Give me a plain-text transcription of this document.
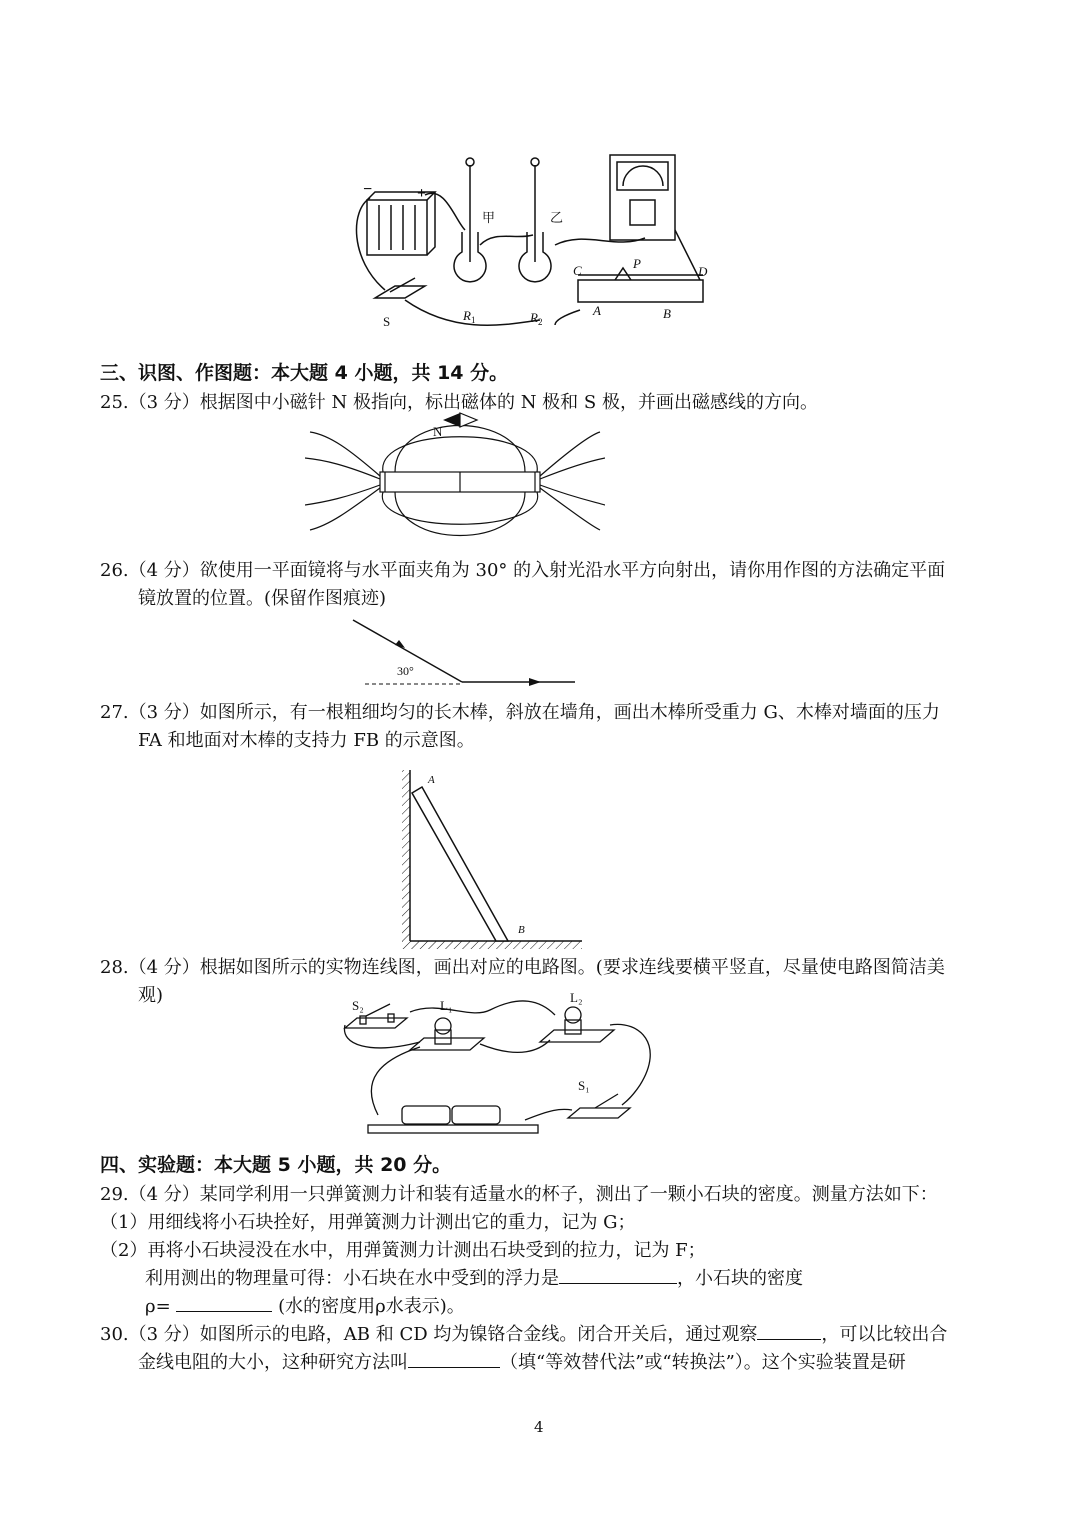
−	+
甲	乙
S	R 1	R 2
C	D
P
A	B
三、识图、作图题：本大题 4 小题，共 14 分。
25.（3 分）根据图中小磁针 N 极指向，标出磁体的 N 极和 S 极，并画出磁感线的方向。
N
26.（4 分）欲使用一平面镜将与水平面夹角为 30° 的入射光沿水平方向射出，请你用作图的方法确定平面
镜放置的位置。(保留作图痕迹)
30°
27.（3 分）如图所示，有一根粗细均匀的长木棒，斜放在墙角，画出木棒所受重力 G、木棒对墙面的压力
FA 和地面对木棒的支持力 FB 的示意图。
A
B
28.（4 分）根据如图所示的实物连线图，画出对应的电路图。(要求连线要横平竖直，尽量使电路图简洁美
观)	S₂	L₁
L₂
S₁
四、实验题：本大题 5 小题，共 20 分。
29.（4 分）某同学利用一只弹簧测力计和装有适量水的杯子，测出了一颗小石块的密度。测量方法如下：
（1）用细线将小石块拴好，用弹簧测力计测出它的重力，记为 G；
（2）再将小石块浸没在水中，用弹簧测力计测出石块受到的拉力，记为 F；
利用测出的物理量可得：小石块在水中受到的浮力是	，小石块的密度
ρ=	(水的密度用ρ水表示)。
30.（3 分）如图所示的电路，AB 和 CD 均为镍铬合金线。闭合开关后，通过观察	，可以比较出合
金线电阻的大小，这种研究方法叫	（填“等效替代法”或“转换法”）。这个实验装置是研
4
